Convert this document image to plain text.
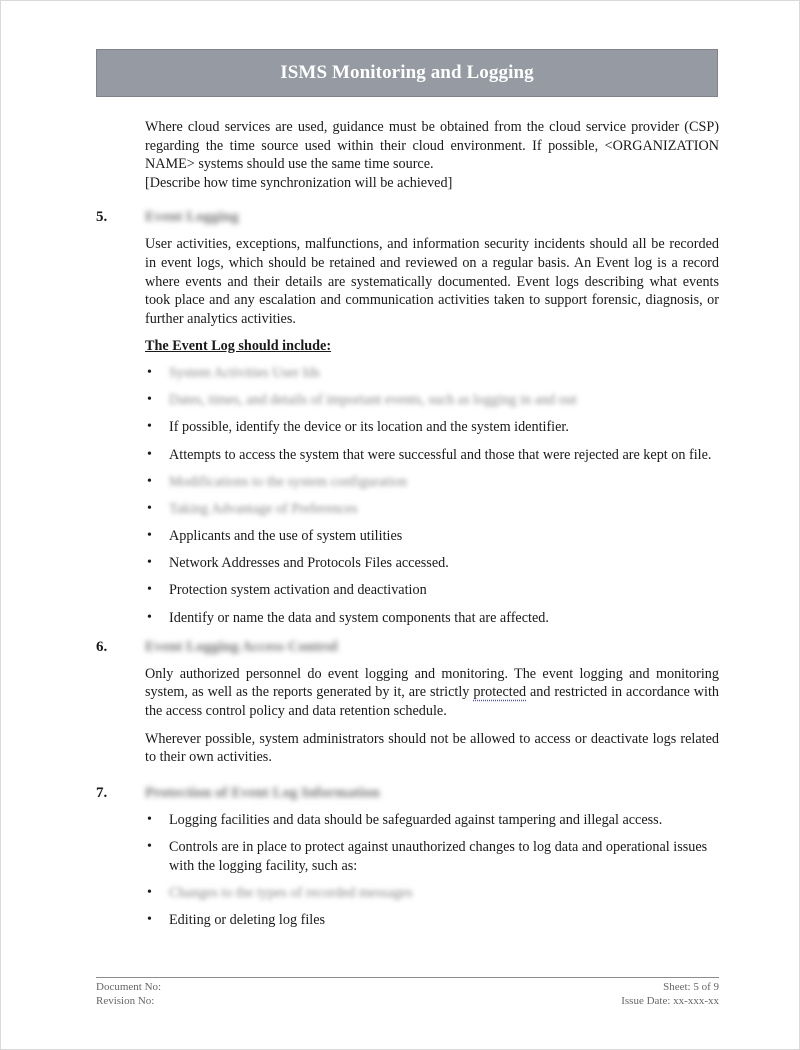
ISMS Monitoring and Logging

Where cloud services are used, guidance must be obtained from the cloud service provider (CSP) regarding the time source used within their cloud environment. If possible, <ORGANIZATION NAME> systems should use the same time source.

[Describe how time synchronization will be achieved]

5.	Event Logging

User activities, exceptions, malfunctions, and information security incidents should all be recorded in event logs, which should be retained and reviewed on a regular basis. An Event log is a record where events and their details are systematically documented. Event logs describing what events took place and any escalation and communication activities taken to support forensic, diagnosis, or further analytics activities.

The Event Log should include:

• System Activities User Ids
• Dates, times, and details of important events, such as logging in and out
• If possible, identify the device or its location and the system identifier.
• Attempts to access the system that were successful and those that were rejected are kept on file.
• Modifications to the system configuration
• Taking Advantage of Preferences
• Applicants and the use of system utilities
• Network Addresses and Protocols Files accessed.
• Protection system activation and deactivation
• Identify or name the data and system components that are affected.
6.	Event Logging Access Control

Only authorized personnel do event logging and monitoring. The event logging and monitoring system, as well as the reports generated by it, are strictly protected and restricted in accordance with the access control policy and data retention schedule.

Wherever possible, system administrators should not be allowed to access or deactivate logs related to their own activities.

7.	Protection of Event Log Information
• Logging facilities and data should be safeguarded against tampering and illegal access.
• Controls are in place to protect against unauthorized changes to log data and operational issues with the logging facility, such as:
• Changes to the types of recorded messages
• Editing or deleting log files
Document No:	Sheet: 5 of 9
Revision No:	Issue Date: xx-xxx-xx
